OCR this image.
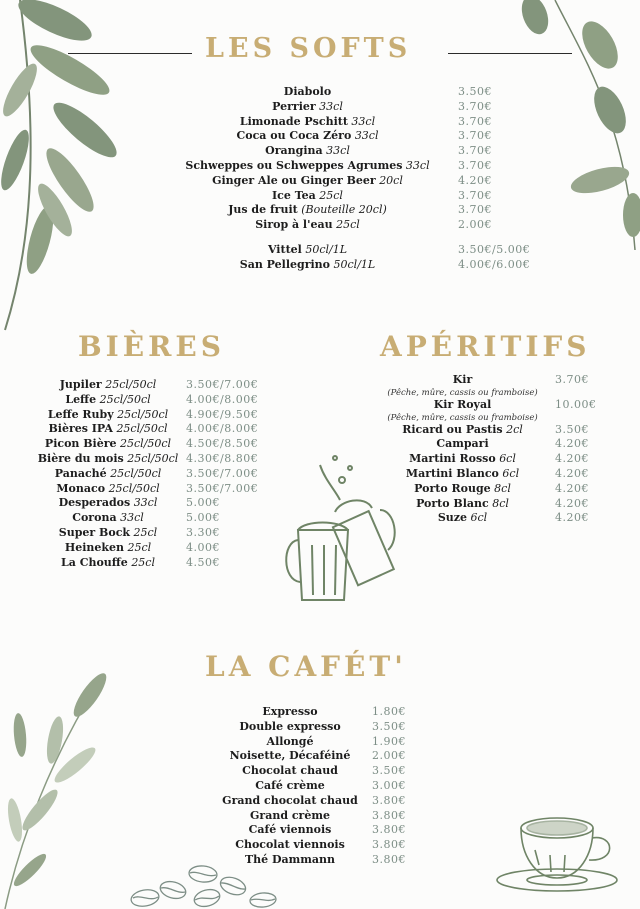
LES SOFTS
Diabolo
Perrier 33cl
Limonade Pschitt 33cl
Coca ou Coca Zéro 33cl
Orangina 33cl
Schweppes ou Schweppes Agrumes 33cl
Ginger Ale ou Ginger Beer 20cl
Ice Tea 25cl
Jus de fruit (Bouteille 20cl)
Sirop à l'eau 25cl
Vittel 50cl/1L
San Pellegrino 50cl/1L
3.50€
3.70€
3.70€
3.70€
3.70€
3.70€
4.20€
3.70€
3.70€
2.00€
3.50€/5.00€
4.00€/6.00€
BIÈRES
Jupiler 25cl/50cl
Leffe 25cl/50cl
Leffe Ruby 25cl/50cl
Bières IPA 25cl/50cl
Picon Bière 25cl/50cl
Bière du mois 25cl/50cl
Panaché 25cl/50cl
Monaco 25cl/50cl
Desperados 33cl
Corona 33cl
Super Bock 25cl
Heineken 25cl
La Chouffe 25cl
3.50€/7.00€
4.00€/8.00€
4.90€/9.50€
4.00€/8.00€
4.50€/8.50€
4.30€/8.80€
3.50€/7.00€
3.50€/7.00€
5.00€
5.00€
3.30€
4.00€
4.50€
APÉRITIFS
Kir
(Pêche, mûre, cassis ou framboise)
Kir Royal
(Pêche, mûre, cassis ou framboise)
Ricard ou Pastis 2cl
Campari
Martini Rosso 6cl
Martini Blanco 6cl
Porto Rouge 8cl
Porto Blanc 8cl
Suze 6cl
3.70€
10.00€
3.50€
4.20€
4.20€
4.20€
4.20€
4.20€
4.20€
LA CAFÉT'
Expresso
Double expresso
Allongé
Noisette, Décaféiné
Chocolat chaud
Café crème
Grand chocolat chaud
Grand crème
Café viennois
Chocolat viennois
Thé Dammann
1.80€
3.50€
1.90€
2.00€
3.50€
3.00€
3.80€
3.80€
3.80€
3.80€
3.80€
